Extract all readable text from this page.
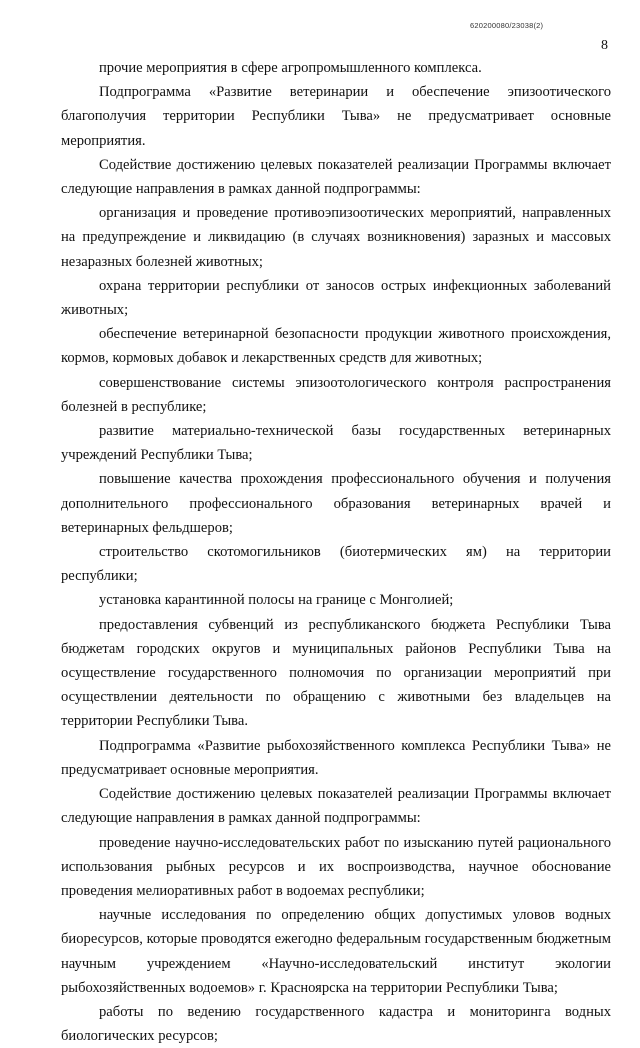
620200080/23038(2)
8

прочие мероприятия в сфере агропромышленного комплекса.

Подпрограмма «Развитие ветеринарии и обеспечение эпизоотического благополучия территории Республики Тыва» не предусматривает основные мероприятия.

Содействие достижению целевых показателей реализации Программы включает следующие направления в рамках данной подпрограммы:

организация и проведение противоэпизоотических мероприятий, направленных на предупреждение и ликвидацию (в случаях возникновения) заразных и массовых незаразных болезней животных;

охрана территории республики от заносов острых инфекционных заболеваний животных;

обеспечение ветеринарной безопасности продукции животного происхождения, кормов, кормовых добавок и лекарственных средств для животных;

совершенствование системы эпизоотологического контроля распространения болезней в республике;

развитие материально-технической базы государственных ветеринарных учреждений Республики Тыва;

повышение качества прохождения профессионального обучения и получения дополнительного профессионального образования ветеринарных врачей и ветеринарных фельдшеров;

строительство скотомогильников (биотермических ям) на территории республики;

установка карантинной полосы на границе с Монголией;

предоставления субвенций из республиканского бюджета Республики Тыва бюджетам городских округов и муниципальных районов Республики Тыва на осуществление государственного полномочия по организации мероприятий при осуществлении деятельности по обращению с животными без владельцев на территории Республики Тыва.

Подпрограмма «Развитие рыбохозяйственного комплекса Республики Тыва» не предусматривает основные мероприятия.

Содействие достижению целевых показателей реализации Программы включает следующие направления в рамках данной подпрограммы:

проведение научно-исследовательских работ по изысканию путей рационального использования рыбных ресурсов и их воспроизводства, научное обоснование проведения мелиоративных работ в водоемах республики;

научные исследования по определению общих допустимых уловов водных биоресурсов, которые проводятся ежегодно федеральным государственным бюджетным научным учреждением «Научно-исследовательский институт экологии рыбохозяйственных водоемов» г. Красноярска на территории Республики Тыва;

работы по ведению государственного кадастра и мониторинга водных биологических ресурсов;
